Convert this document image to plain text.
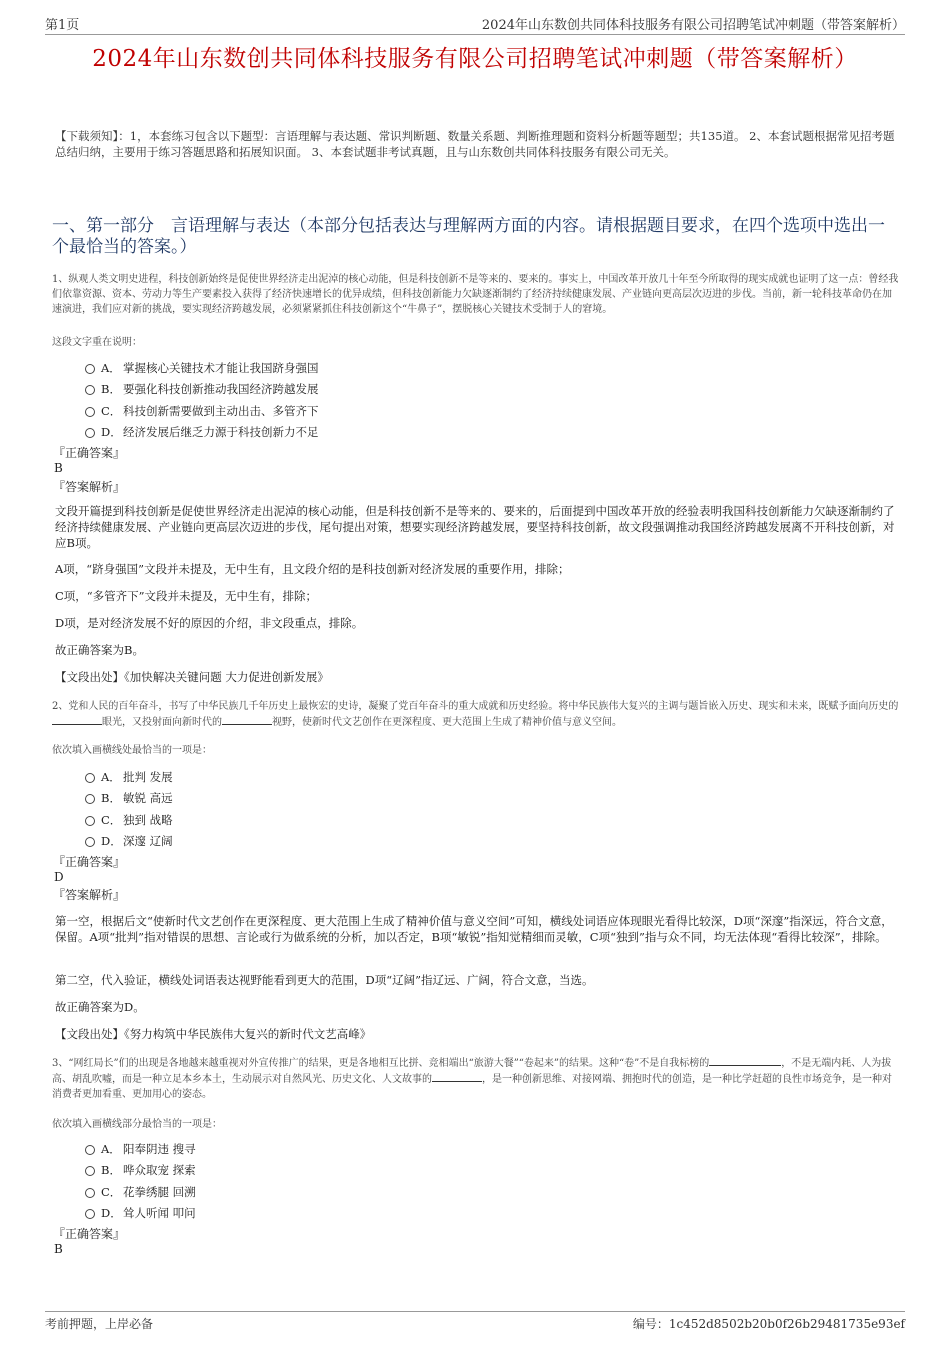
第1页	2024年山东数创共同体科技服务有限公司招聘笔试冲刺题（带答案解析）
2024年山东数创共同体科技服务有限公司招聘笔试冲刺题（带答案解析）
【下载须知】：1，本套练习包含以下题型：言语理解与表达题、常识判断题、数量关系题、判断推理题和资料分析题等题型；共135道。 2、本套试题根据常见招考题总结归纳，主要用于练习答题思路和拓展知识面。 3、本套试题非考试真题，且与山东数创共同体科技服务有限公司无关。
一、第一部分　言语理解与表达（本部分包括表达与理解两方面的内容。请根据题目要求，在四个选项中选出一个最恰当的答案。）
1、纵观人类文明史进程，科技创新始终是促使世界经济走出泥淖的核心动能，但是科技创新不是等来的、要来的。事实上，中国改革开放几十年至今所取得的现实成就也证明了这一点：曾经我们依靠资源、资本、劳动力等生产要素投入获得了经济快速增长的优异成绩，但科技创新能力欠缺逐渐制约了经济持续健康发展、产业链向更高层次迈进的步伐。当前，新一轮科技革命仍在加速演进，我们应对新的挑战，要实现经济跨越发展，必须紧紧抓住科技创新这个“牛鼻子”，摆脱核心关键技术受制于人的窘境。
这段文字重在说明：
A． 掌握核心关键技术才能让我国跻身强国
B． 要强化科技创新推动我国经济跨越发展
C． 科技创新需要做到主动出击、多管齐下
D．经济发展后继乏力源于科技创新力不足
『正确答案』
B
『答案解析』
文段开篇提到科技创新是促使世界经济走出泥淖的核心动能，但是科技创新不是等来的、要来的，后面提到中国改革开放的经验表明我国科技创新能力欠缺逐渐制约了经济持续健康发展、产业链向更高层次迈进的步伐，尾句提出对策，想要实现经济跨越发展，要坚持科技创新，故文段强调推动我国经济跨越发展离不开科技创新，对应B项。
A项，“跻身强国”文段并未提及，无中生有，且文段介绍的是科技创新对经济发展的重要作用，排除；
C项，“多管齐下”文段并未提及，无中生有，排除；
D项，是对经济发展不好的原因的介绍，非文段重点，排除。
故正确答案为B。
【文段出处】《加快解决关键问题 大力促进创新发展》
2、党和人民的百年奋斗，书写了中华民族几千年历史上最恢宏的史诗，凝聚了党百年奋斗的重大成就和历史经验。将中华民族伟大复兴的主调与题旨嵌入历史、现实和未来，既赋予面向历史的眼光，又投射面向新时代的	视野，使新时代文艺创作在更深程度、更大范围上生成了精神价值与意义空间。
依次填入画横线处最恰当的一项是：
A． 批判 发展
B． 敏锐 高远
C． 独到 战略
D．深邃 辽阔
『正确答案』
D
『答案解析』
第一空，根据后文“使新时代文艺创作在更深程度、更大范围上生成了精神价值与意义空间”可知，横线处词语应体现眼光看得比较深，D项“深邃”指深远，符合文意，保留。A项“批判”指对错误的思想、言论或行为做系统的分析，加以否定，B项“敏锐”指知觉精细而灵敏，C项“独到”指与众不同，均无法体现“看得比较深”，排除。
第二空，代入验证，横线处词语表达视野能看到更大的范围，D项“辽阔”指辽远、广阔，符合文意，当选。
故正确答案为D。
【文段出处】《努力构筑中华民族伟大复兴的新时代文艺高峰》
3、“网红局长”们的出现是各地越来越重视对外宣传推广的结果，更是各地相互比拼、竞相端出“旅游大餐”“卷起来”的结果。这种“卷”不是自我标榜的	，不是无端内耗、人为拔高、胡乱吹嘘，而是一种立足本乡本土，生动展示对自然风光、历史文化、人文故事的	，是一种创新思维、对接网端、拥抱时代的创造，是一种比学赶超的良性市场竞争，是一种对消费者更加看重、更加用心的姿态。
依次填入画横线部分最恰当的一项是：
A． 阳奉阴违 搜寻
B． 哗众取宠 探索
C． 花拳绣腿 回溯
D．耸人听闻 叩问
『正确答案』
B
考前押题，上岸必备	编号：1c452d8502b20b0f26b29481735e93ef
